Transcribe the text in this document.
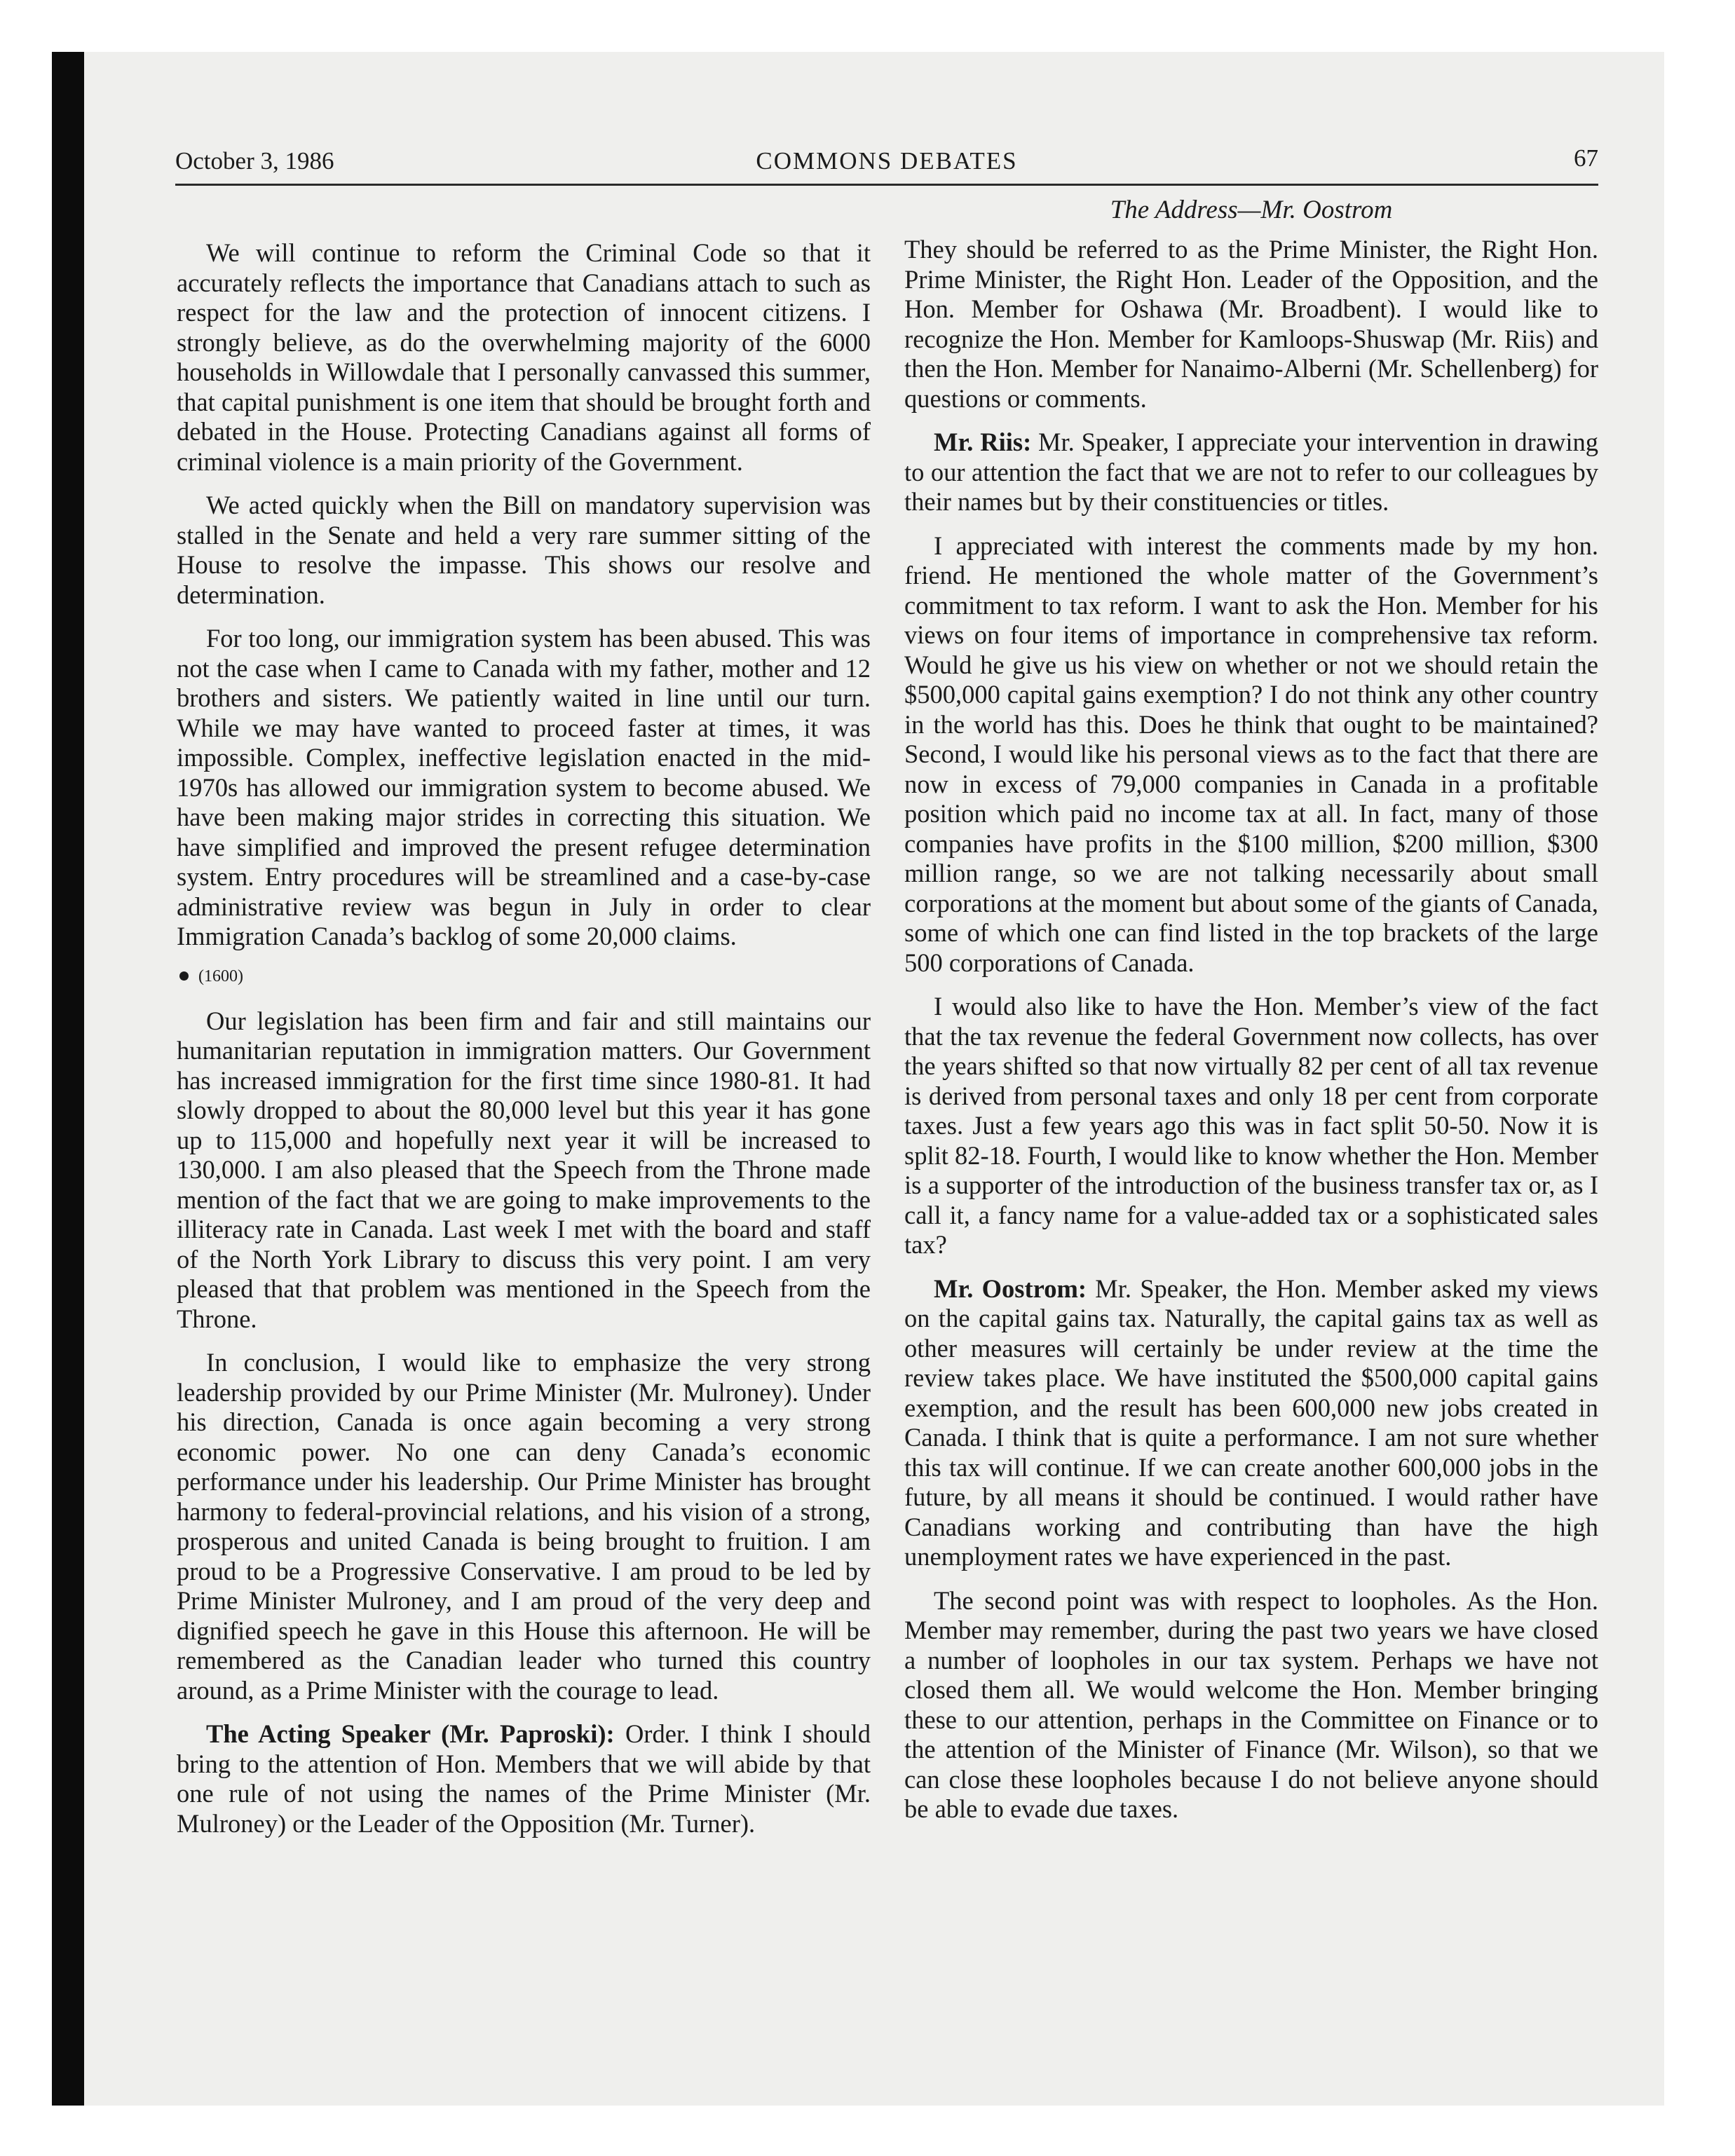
October 3, 1986	COMMONS DEBATES	67
The Address—Mr. Oostrom

We will continue to reform the Criminal Code so that it accurately reflects the importance that Canadians attach to such as respect for the law and the protection of innocent citizens. I strongly believe, as do the overwhelming majority of the 6000 households in Willowdale that I personally canvassed this summer, that capital punishment is one item that should be brought forth and debated in the House. Protecting Canadians against all forms of criminal violence is a main priority of the Government.

We acted quickly when the Bill on mandatory supervision was stalled in the Senate and held a very rare summer sitting of the House to resolve the impasse. This shows our resolve and determination.

For too long, our immigration system has been abused. This was not the case when I came to Canada with my father, mother and 12 brothers and sisters. We patiently waited in line until our turn. While we may have wanted to proceed faster at times, it was impossible. Complex, ineffective legislation enacted in the mid-1970s has allowed our immigration system to become abused. We have been making major strides in correcting this situation. We have simplified and improved the present refugee determination system. Entry procedures will be streamlined and a case-by-case administrative review was begun in July in order to clear Immigration Canada’s backlog of some 20,000 claims.

(1600)

Our legislation has been firm and fair and still maintains our humanitarian reputation in immigration matters. Our Government has increased immigration for the first time since 1980-81. It had slowly dropped to about the 80,000 level but this year it has gone up to 115,000 and hopefully next year it will be increased to 130,000. I am also pleased that the Speech from the Throne made mention of the fact that we are going to make improvements to the illiteracy rate in Canada. Last week I met with the board and staff of the North York Library to discuss this very point. I am very pleased that that problem was mentioned in the Speech from the Throne.

In conclusion, I would like to emphasize the very strong leadership provided by our Prime Minister (Mr. Mulroney). Under his direction, Canada is once again becoming a very strong economic power. No one can deny Canada’s economic performance under his leadership. Our Prime Minister has brought harmony to federal-provincial relations, and his vision of a strong, prosperous and united Canada is being brought to fruition. I am proud to be a Progressive Conservative. I am proud to be led by Prime Minister Mulroney, and I am proud of the very deep and dignified speech he gave in this House this afternoon. He will be remembered as the Canadian leader who turned this country around, as a Prime Minister with the courage to lead.

The Acting Speaker (Mr. Paproski): Order. I think I should bring to the attention of Hon. Members that we will abide by that one rule of not using the names of the Prime Minister (Mr. Mulroney) or the Leader of the Opposition (Mr. Turner).

They should be referred to as the Prime Minister, the Right Hon. Prime Minister, the Right Hon. Leader of the Opposition, and the Hon. Member for Oshawa (Mr. Broadbent). I would like to recognize the Hon. Member for Kamloops-Shuswap (Mr. Riis) and then the Hon. Member for Nanaimo-Alberni (Mr. Schellenberg) for questions or comments.

Mr. Riis: Mr. Speaker, I appreciate your intervention in drawing to our attention the fact that we are not to refer to our colleagues by their names but by their constituencies or titles.

I appreciated with interest the comments made by my hon. friend. He mentioned the whole matter of the Government’s commitment to tax reform. I want to ask the Hon. Member for his views on four items of importance in comprehensive tax reform. Would he give us his view on whether or not we should retain the $500,000 capital gains exemption? I do not think any other country in the world has this. Does he think that ought to be maintained? Second, I would like his personal views as to the fact that there are now in excess of 79,000 companies in Canada in a profitable position which paid no income tax at all. In fact, many of those companies have profits in the $100 million, $200 million, $300 million range, so we are not talking necessarily about small corporations at the moment but about some of the giants of Canada, some of which one can find listed in the top brackets of the large 500 corporations of Canada.

I would also like to have the Hon. Member’s view of the fact that the tax revenue the federal Government now collects, has over the years shifted so that now virtually 82 per cent of all tax revenue is derived from personal taxes and only 18 per cent from corporate taxes. Just a few years ago this was in fact split 50-50. Now it is split 82-18. Fourth, I would like to know whether the Hon. Member is a supporter of the introduction of the business transfer tax or, as I call it, a fancy name for a value-added tax or a sophisticated sales tax?

Mr. Oostrom: Mr. Speaker, the Hon. Member asked my views on the capital gains tax. Naturally, the capital gains tax as well as other measures will certainly be under review at the time the review takes place. We have instituted the $500,000 capital gains exemption, and the result has been 600,000 new jobs created in Canada. I think that is quite a performance. I am not sure whether this tax will continue. If we can create another 600,000 jobs in the future, by all means it should be continued. I would rather have Canadians working and contributing than have the high unemployment rates we have experienced in the past.

The second point was with respect to loopholes. As the Hon. Member may remember, during the past two years we have closed a number of loopholes in our tax system. Perhaps we have not closed them all. We would welcome the Hon. Member bringing these to our attention, perhaps in the Committee on Finance or to the attention of the Minister of Finance (Mr. Wilson), so that we can close these loopholes because I do not believe anyone should be able to evade due taxes.
